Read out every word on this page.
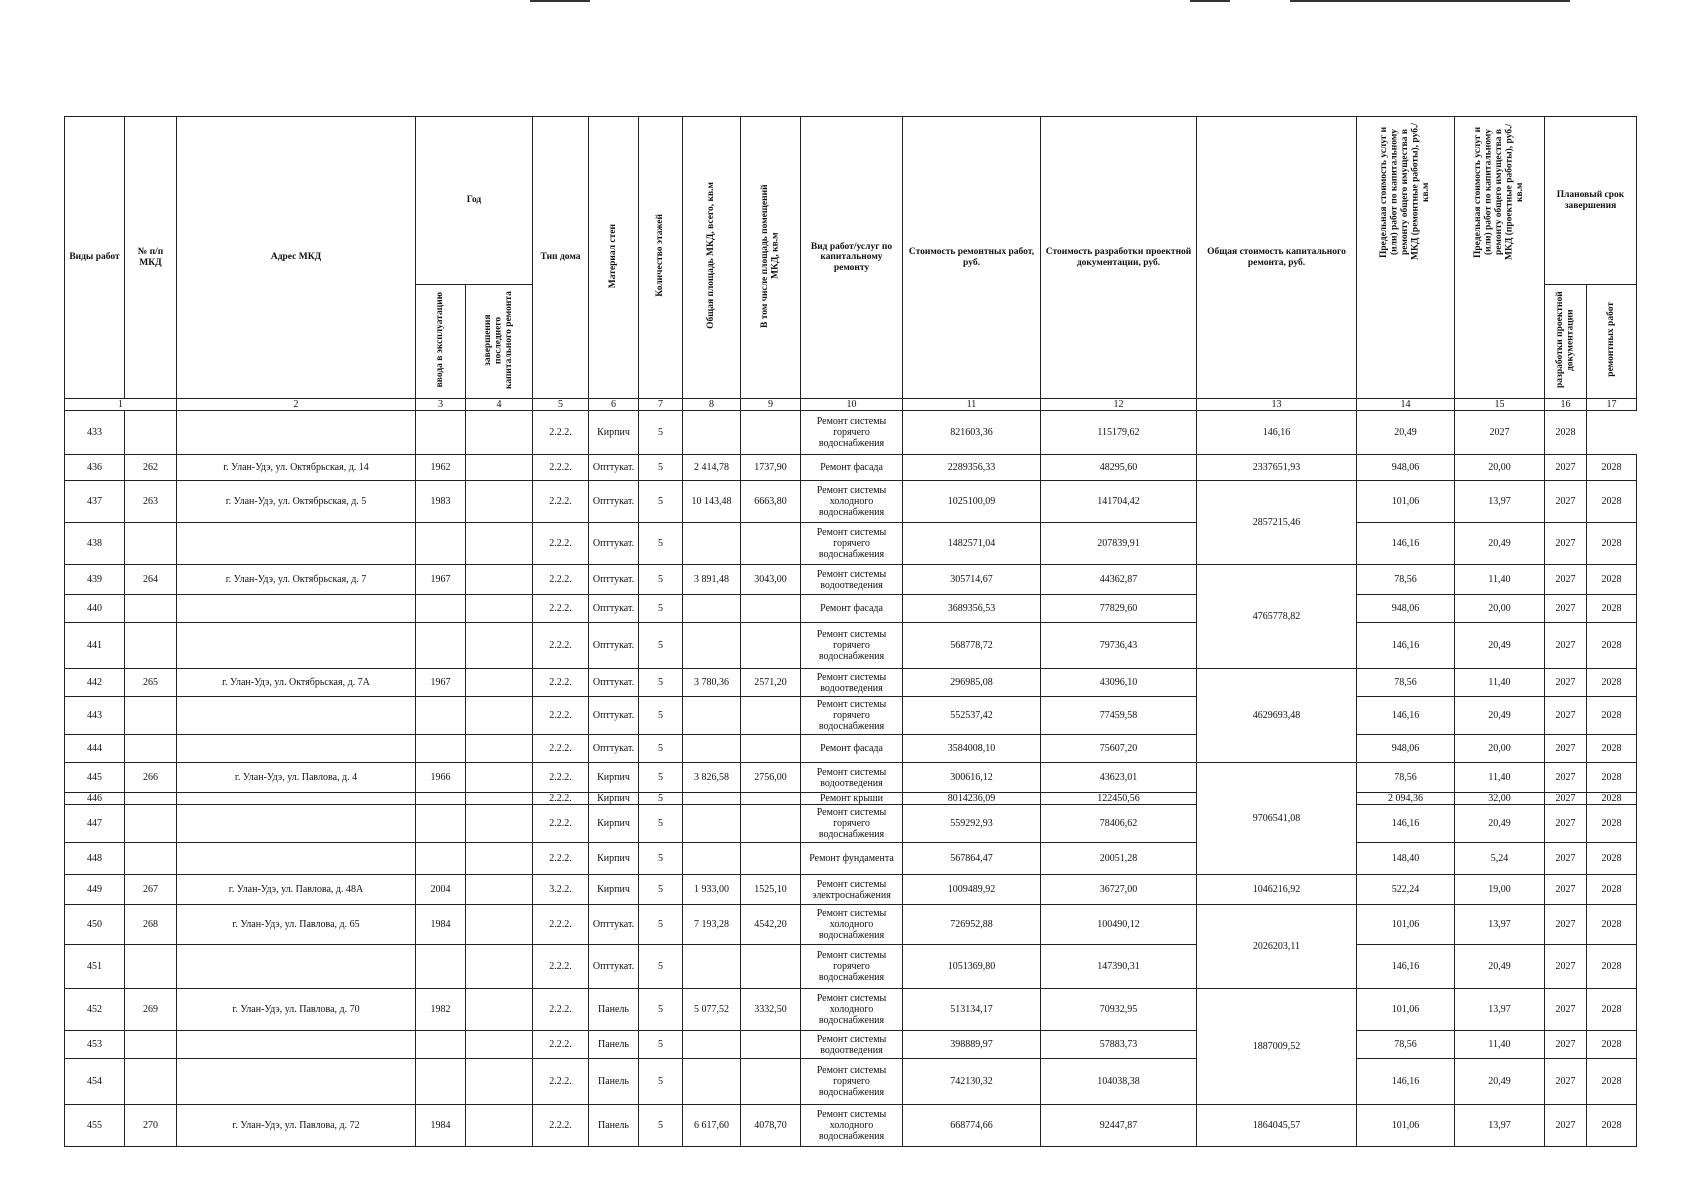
Виды работ	№ п/п МКД	Адрес МКД	Год		Тип дома	Материал стен	Количество этажей	Общая площадь МКД, всего, кв.м	В том числе площадь помещений МКД, кв.м	Вид работ/услуг по капитальному ремонту	Стоимость ремонтных работ, руб.	Стоимость разработки проектной документации, руб.	Общая стоимость капитального ремонта, руб.	Предельная стоимость услуг и (или) работ по капитальному ремонту общего имущества в МКД (ремонтные работы), руб./кв.м	Предельная стоимость услуг и (или) работ по капитальному ремонту общего имущества в МКД (проектные работы), руб./кв.м	Плановый срок завершения	
			ввода в эксплуатацию	завершения последнего капитального ремонта												разработки проектной документации	ремонтных работ
1		2	3	4	5	6	7	8	9	10	11	12	13	14	15	16	17
433					2.2.2.	Кирпич	5			Ремонт системы горячего водоснабжения	821603,36	115179,62	146,16	20,49	2027	2028	
436	262	г. Улан-Удэ, ул. Октябрьская, д. 14	1962		2.2.2.	Опттукат.	5	2 414,78	1737,90	Ремонт фасада	2289356,33	48295,60	2337651,93	948,06	20,00	2027	2028
437	263	г. Улан-Удэ, ул. Октябрьская, д. 5	1983		2.2.2.	Опттукат.	5	10 143,48	6663,80	Ремонт системы холодного водоснабжения	1025100,09	141704,42	2857215,46	101,06	13,97	2027	2028
438					2.2.2.	Опттукат.	5			Ремонт системы горячего водоснабжения	1482571,04	207839,91		146,16	20,49	2027	2028
439	264	г. Улан-Удэ, ул. Октябрьская, д. 7	1967		2.2.2.	Опттукат.	5	3 891,48	3043,00	Ремонт системы водоотведения	305714,67	44362,87	4765778,82	78,56	11,40	2027	2028
440					2.2.2.	Опттукат.	5			Ремонт фасада	3689356,53	77829,60		948,06	20,00	2027	2028
441					2.2.2.	Опттукат.	5			Ремонт системы горячего водоснабжения	568778,72	79736,43		146,16	20,49	2027	2028
442	265	г. Улан-Удэ, ул. Октябрьская, д. 7А	1967		2.2.2.	Опттукат.	5	3 780,36	2571,20	Ремонт системы водоотведения	296985,08	43096,10	4629693,48	78,56	11,40	2027	2028
443					2.2.2.	Опттукат.	5			Ремонт системы горячего водоснабжения	552537,42	77459,58		146,16	20,49	2027	2028
444					2.2.2.	Опттукат.	5			Ремонт фасада	3584008,10	75607,20		948,06	20,00	2027	2028
445	266	г. Улан-Удэ, ул. Павлова, д. 4	1966		2.2.2.	Кирпич	5	3 826,58	2756,00	Ремонт системы водоотведения	300616,12	43623,01	9706541,08	78,56	11,40	2027	2028
446					2.2.2.	Кирпич	5			Ремонт крыши	8014236,09	122450,56		2 094,36	32,00	2027	2028
447					2.2.2.	Кирпич	5			Ремонт системы горячего водоснабжения	559292,93	78406,62		146,16	20,49	2027	2028
448					2.2.2.	Кирпич	5			Ремонт фундамента	567864,47	20051,28		148,40	5,24	2027	2028
449	267	г. Улан-Удэ, ул. Павлова, д. 48А	2004		3.2.2.	Кирпич	5	1 933,00	1525,10	Ремонт системы электроснабжения	1009489,92	36727,00	1046216,92	522,24	19,00	2027	2028
450	268	г. Улан-Удэ, ул. Павлова, д. 65	1984		2.2.2.	Опттукат.	5	7 193,28	4542,20	Ремонт системы холодного водоснабжения	726952,88	100490,12	2026203,11	101,06	13,97	2027	2028
451					2.2.2.	Опттукат.	5			Ремонт системы горячего водоснабжения	1051369,80	147390,31		146,16	20,49	2027	2028
452	269	г. Улан-Удэ, ул. Павлова, д. 70	1982		2.2.2.	Панель	5	5 077,52	3332,50	Ремонт системы холодного водоснабжения	513134,17	70932,95	1887009,52	101,06	13,97	2027	2028
453					2.2.2.	Панель	5			Ремонт системы водоотведения	398889,97	57883,73		78,56	11,40	2027	2028
454					2.2.2.	Панель	5			Ремонт системы горячего водоснабжения	742130,32	104038,38		146,16	20,49	2027	2028
455	270	г. Улан-Удэ, ул. Павлова, д. 72	1984		2.2.2.	Панель	5	6 617,60	4078,70	Ремонт системы холодного водоснабжения	668774,66	92447,87	1864045,57	101,06	13,97	2027	2028
